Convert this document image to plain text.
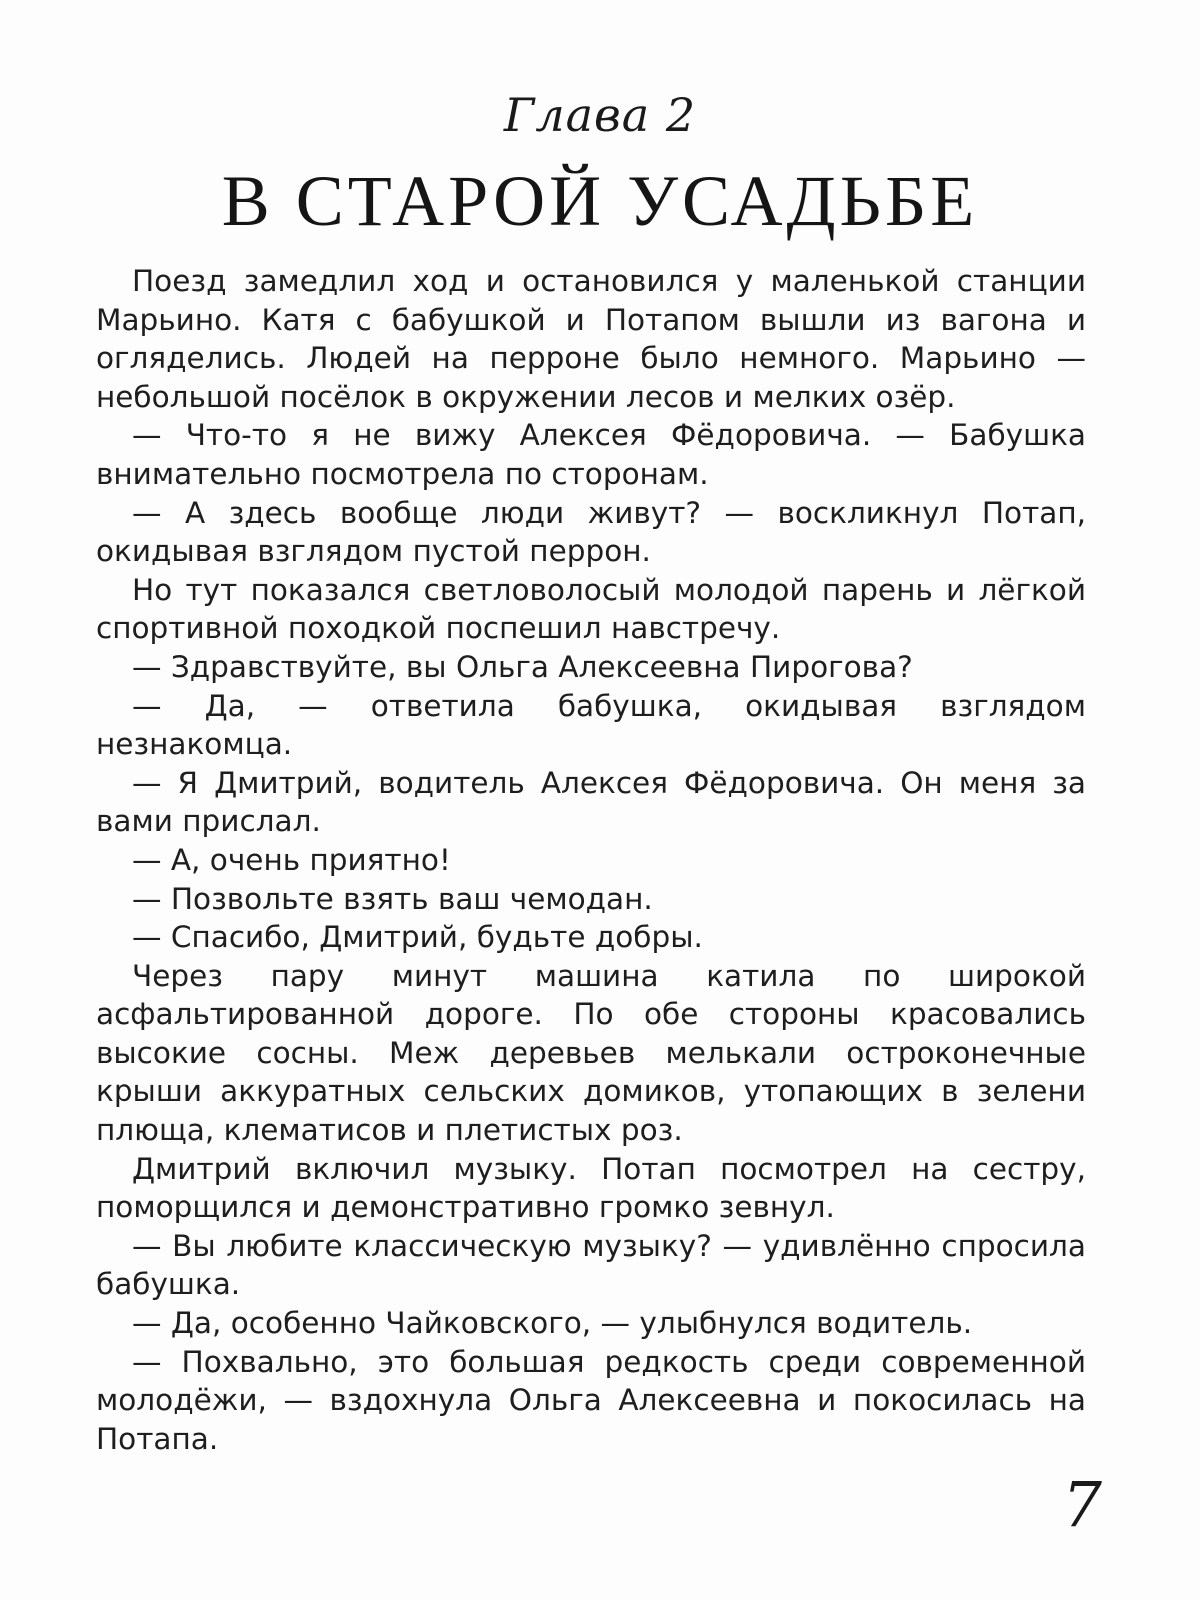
Глава 2
В СТАРОЙ УСАДЬБЕ

Поезд замедлил ход и остановился у маленькой станции Марьино. Катя с бабушкой и Потапом вышли из вагона и огляделись. Людей на перроне было немного. Марьино — небольшой посёлок в окружении лесов и мелких озёр.

— Что-то я не вижу Алексея Фёдоровича. — Бабушка внимательно посмотрела по сторонам.

— А здесь вообще люди живут? — воскликнул Потап, окидывая взглядом пустой перрон.

Но тут показался светловолосый молодой парень и лёгкой спортивной походкой поспешил навстречу.

— Здравствуйте, вы Ольга Алексеевна Пирогова?

— Да, — ответила бабушка, окидывая взглядом незнакомца.

— Я Дмитрий, водитель Алексея Фёдоровича. Он меня за вами прислал.

— А, очень приятно!

— Позвольте взять ваш чемодан.

— Спасибо, Дмитрий, будьте добры.

Через пару минут машина катила по широкой асфальтированной дороге. По обе стороны красовались высокие сосны. Меж деревьев мелькали остроконечные крыши аккуратных сельских домиков, утопающих в зелени плюща, клематисов и плетистых роз.

Дмитрий включил музыку. Потап посмотрел на сестру, поморщился и демонстративно громко зевнул.

— Вы любите классическую музыку? — удивлённо спросила бабушка.

— Да, особенно Чайковского, — улыбнулся водитель.

— Похвально, это большая редкость среди современной молодёжи, — вздохнула Ольга Алексеевна и покосилась на Потапа.

7
